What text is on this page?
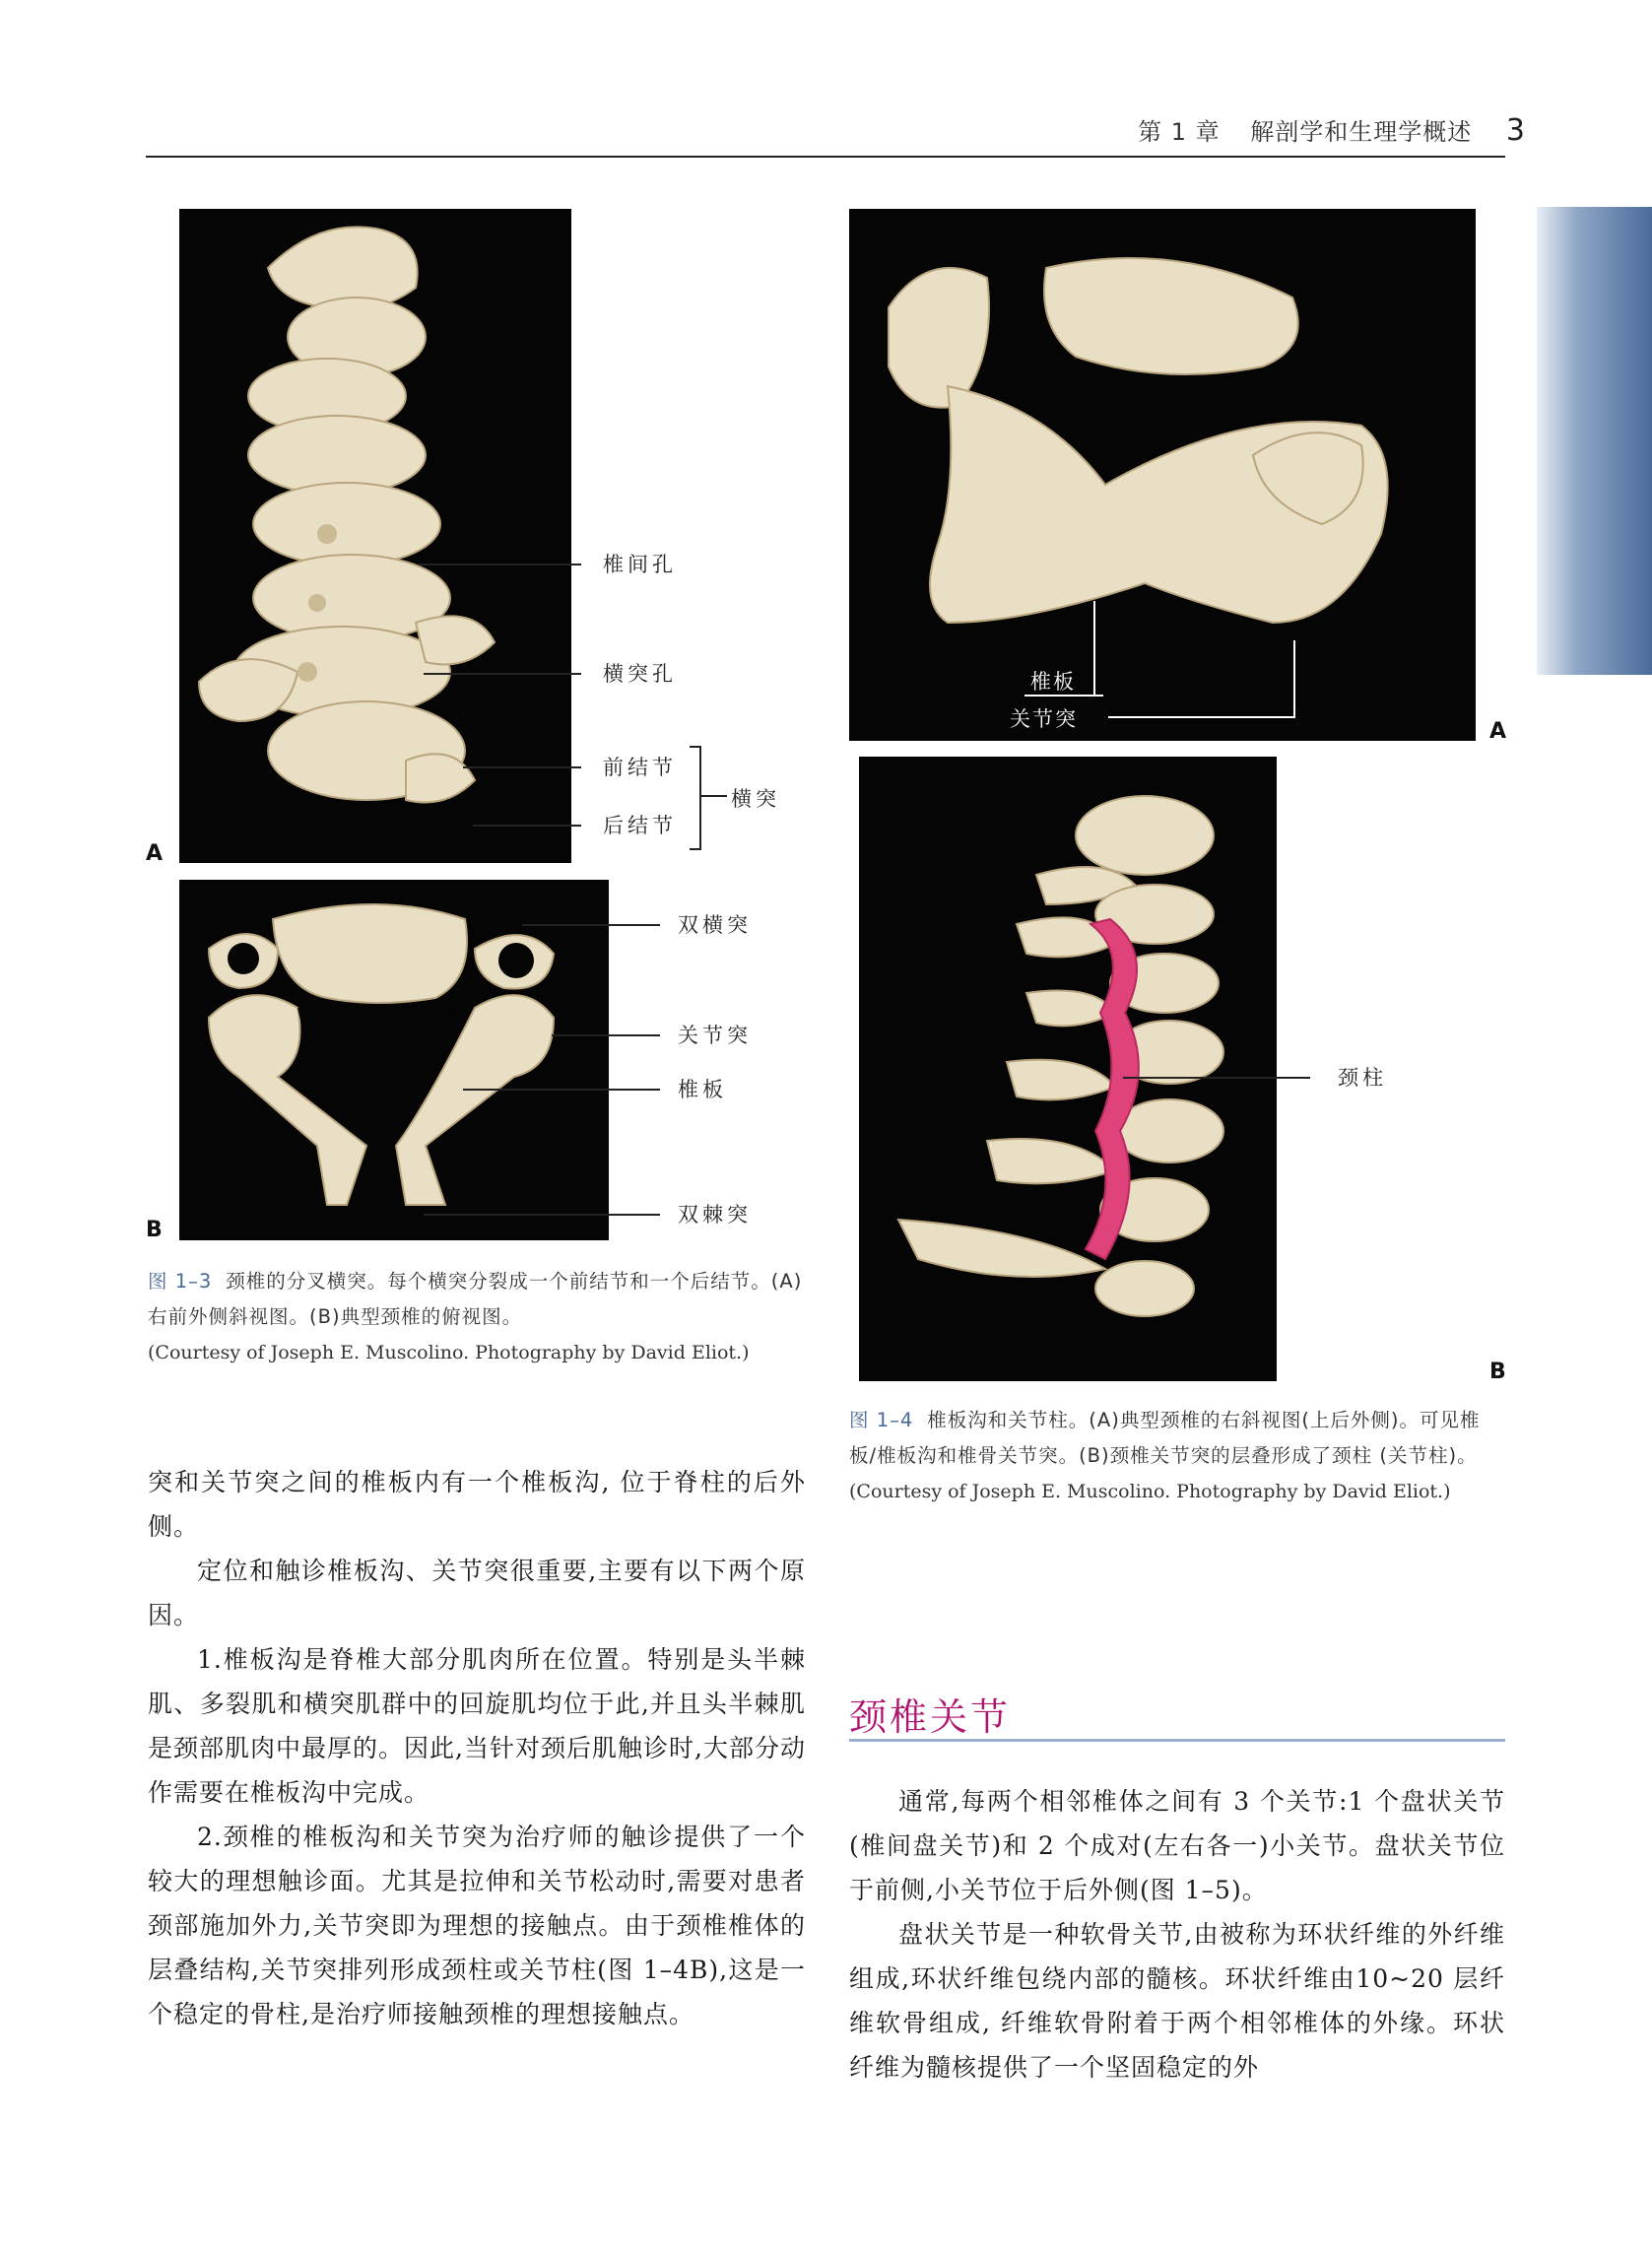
第 1 章 解剖学和生理学概述 3
A
椎间孔
横突孔
前结节
后结节
横突
B
双横突
关节突
椎板
双棘突
图 1–3 颈椎的分叉横突。每个横突分裂成一个前结节和一个后结节。(A)右前外侧斜视图。(B)典型颈椎的俯视图。
(Courtesy of Joseph E. Muscolino. Photography by David Eliot.)
椎板
关节突	A
颈柱
B
图 1–4 椎板沟和关节柱。(A)典型颈椎的右斜视图(上后外侧)。可见椎板/椎板沟和椎骨关节突。(B)颈椎关节突的层叠形成了颈柱 (关节柱)。(Courtesy of Joseph E. Muscolino. Photography by David Eliot.)

突和关节突之间的椎板内有一个椎板沟, 位于脊柱的后外侧。

定位和触诊椎板沟、关节突很重要,主要有以下两个原因。

1.椎板沟是脊椎大部分肌肉所在位置。特别是头半棘肌、多裂肌和横突肌群中的回旋肌均位于此,并且头半棘肌是颈部肌肉中最厚的。因此,当针对颈后肌触诊时,大部分动作需要在椎板沟中完成。

2.颈椎的椎板沟和关节突为治疗师的触诊提供了一个较大的理想触诊面。尤其是拉伸和关节松动时,需要对患者颈部施加外力,关节突即为理想的接触点。由于颈椎椎体的层叠结构,关节突排列形成颈柱或关节柱(图 1–4B),这是一个稳定的骨柱,是治疗师接触颈椎的理想接触点。

颈椎关节

通常,每两个相邻椎体之间有 3 个关节:1 个盘状关节(椎间盘关节)和 2 个成对(左右各一)小关节。盘状关节位于前侧,小关节位于后外侧(图 1–5)。

盘状关节是一种软骨关节,由被称为环状纤维的外纤维组成,环状纤维包绕内部的髓核。环状纤维由10~20 层纤维软骨组成, 纤维软骨附着于两个相邻椎体的外缘。环状纤维为髓核提供了一个坚固稳定的外
